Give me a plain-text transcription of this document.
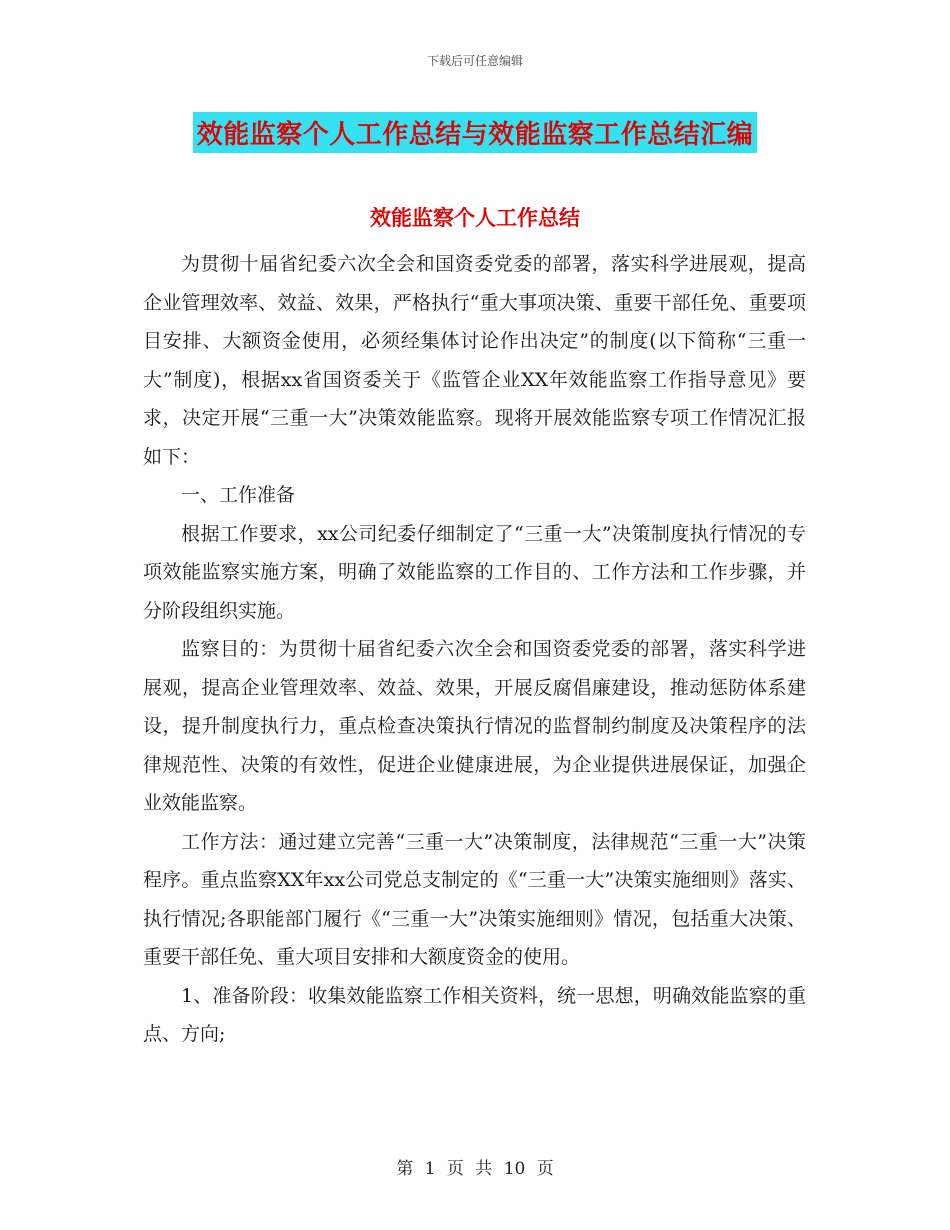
下载后可任意编辑
效能监察个人工作总结与效能监察工作总结汇编
效能监察个人工作总结

为贯彻十届省纪委六次全会和国资委党委的部署，落实科学进展观，提高企业管理效率、效益、效果，严格执行“重大事项决策、重要干部任免、重要项目安排、大额资金使用，必须经集体讨论作出决定”的制度(以下简称“三重一大”制度)，根据xx省国资委关于《监管企业XX年效能监察工作指导意见》要求，决定开展“三重一大”决策效能监察。现将开展效能监察专项工作情况汇报如下：

一、工作准备

根据工作要求，xx公司纪委仔细制定了“三重一大”决策制度执行情况的专项效能监察实施方案，明确了效能监察的工作目的、工作方法和工作步骤，并分阶段组织实施。

监察目的：为贯彻十届省纪委六次全会和国资委党委的部署，落实科学进展观，提高企业管理效率、效益、效果，开展反腐倡廉建设，推动惩防体系建设，提升制度执行力，重点检查决策执行情况的监督制约制度及决策程序的法律规范性、决策的有效性，促进企业健康进展，为企业提供进展保证，加强企业效能监察。

工作方法：通过建立完善“三重一大”决策制度，法律规范“三重一大”决策程序。重点监察XX年xx公司党总支制定的《“三重一大”决策实施细则》落实、执行情况;各职能部门履行《“三重一大”决策实施细则》情况，包括重大决策、重要干部任免、重大项目安排和大额度资金的使用。

1、准备阶段：收集效能监察工作相关资料，统一思想，明确效能监察的重点、方向;

第 1 页 共 10 页
